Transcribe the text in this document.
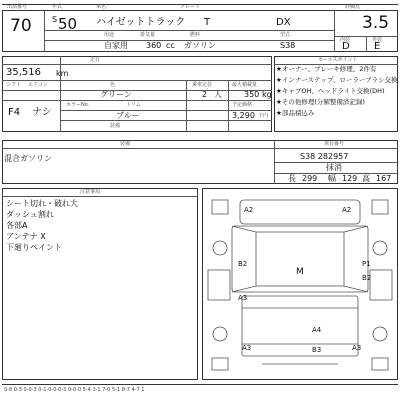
出品番号	年式	車名	グレード	評価点
70	S 50 ハイゼットトラック T	DX	3.5
用途	排気量	燃料	型式
内装	外装
自家用 360 cc ガソリン	S38	D E
走行
35,516 km
シフト エアコン	色	乗車定員	最大積載量
グリーン	2 人	350 kg
F4 ナシ
カラーNo.	トリム	予定価格
ブルー	3,290 千円
装備
セールスポイント
★オーナー、ブレーキ修理、2件有
★インナーステップ、ローラーブラシ交換
★キャブOH、ヘッドライト交換(DH)
★その他修理(分解整備済記録)
★部品積込み
装備	車台番号
混合ガソリン	S38 282957
抹消
長 299 幅 129 高 167
注意事項
シート切れ・破れ大
ダッシュ割れ
各部A
アンテナ X
下廻りペイント
A2	A2
B2	P1
B2
M
A3
A4
B3
A3	A3
S-8 0-3 0-0-3 0-1-0-0-0-3 0-0-0 5-4 3-1 7-0 5-1 8-7 4-7 1
